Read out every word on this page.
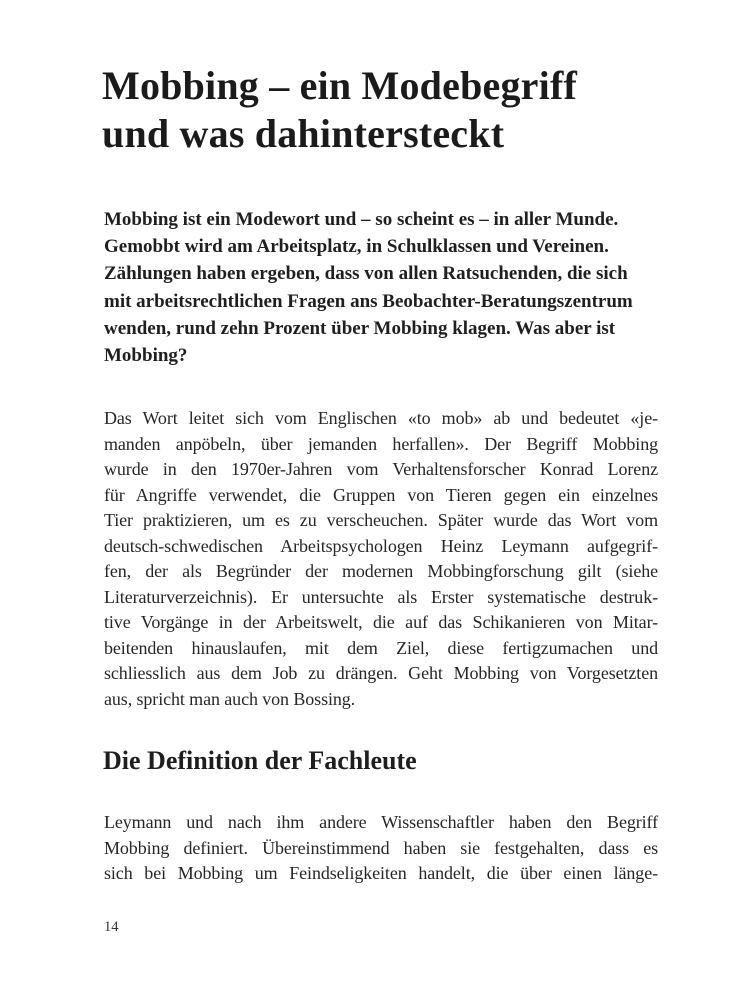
Mobbing – ein Modebegriff
und was dahintersteckt
Mobbing ist ein Modewort und – so scheint es – in aller Munde.
Gemobbt wird am Arbeitsplatz, in Schulklassen und Vereinen.
Zählungen haben ergeben, dass von allen Ratsuchenden, die sich
mit arbeitsrechtlichen Fragen ans Beobachter-Beratungszentrum
wenden, rund zehn Prozent über Mobbing klagen. Was aber ist
Mobbing?
Das Wort leitet sich vom Englischen «to mob» ab und bedeutet «je-
manden anpöbeln, über jemanden herfallen». Der Begriff Mobbing
wurde in den 1970er-Jahren vom Verhaltensforscher Konrad Lorenz
für Angriffe verwendet, die Gruppen von Tieren gegen ein einzelnes
Tier praktizieren, um es zu verscheuchen. Später wurde das Wort vom
deutsch-schwedischen Arbeitspsychologen Heinz Leymann aufgegrif-
fen, der als Begründer der modernen Mobbingforschung gilt (siehe
Literaturverzeichnis). Er untersuchte als Erster systematische destruk-
tive Vorgänge in der Arbeitswelt, die auf das Schikanieren von Mitar-
beitenden hinauslaufen, mit dem Ziel, diese fertigzumachen und
schliesslich aus dem Job zu drängen. Geht Mobbing von Vorgesetzten
aus, spricht man auch von Bossing.
Die Definition der Fachleute
Leymann und nach ihm andere Wissenschaftler haben den Begriff
Mobbing definiert. Übereinstimmend haben sie festgehalten, dass es
sich bei Mobbing um Feindseligkeiten handelt, die über einen länge-
14
